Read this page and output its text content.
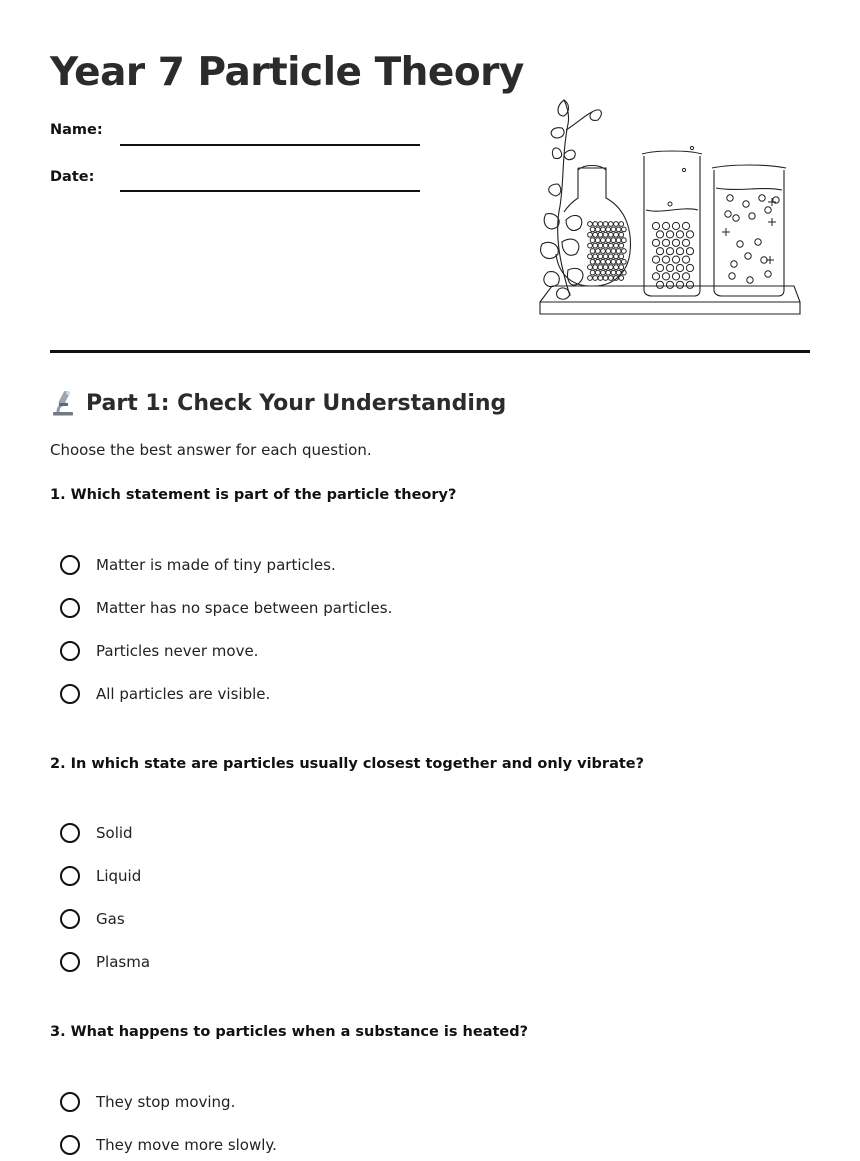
Year 7 Particle Theory
Name:
Date:
Part 1: Check Your Understanding
Choose the best answer for each question.
1. Which statement is part of the particle theory?
Matter is made of tiny particles.
Matter has no space between particles.
Particles never move.
All particles are visible.
2. In which state are particles usually closest together and only vibrate?
Solid
Liquid
Gas
Plasma
3. What happens to particles when a substance is heated?
They stop moving.
They move more slowly.
